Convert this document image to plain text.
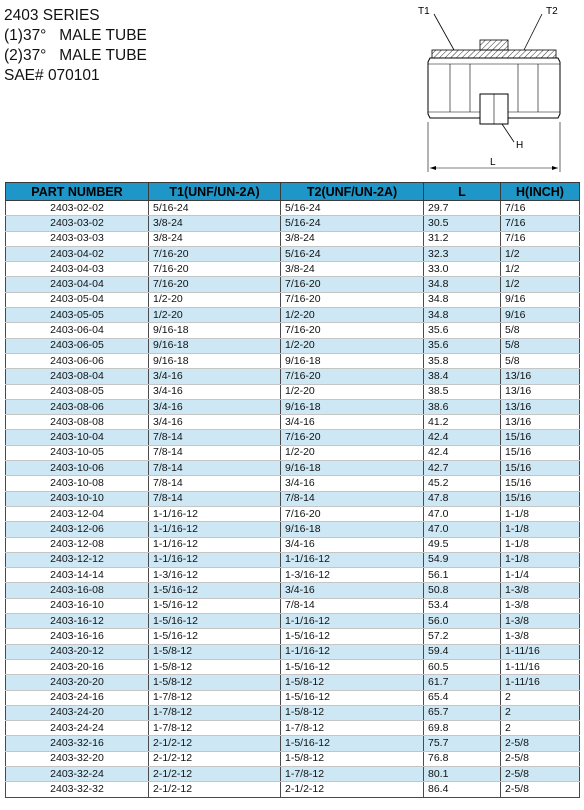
2403 SERIES
(1)37°   MALE TUBE
(2)37°   MALE TUBE
SAE# 070101
T1	T2
H
L
PART NUMBER	T1(UNF/UN-2A)	T2(UNF/UN-2A)	L	H(INCH)
2403-02-02	5/16-24	5/16-24	29.7	7/16
2403-03-02	3/8-24	5/16-24	30.5	7/16
2403-03-03	3/8-24	3/8-24	31.2	7/16
2403-04-02	7/16-20	5/16-24	32.3	1/2
2403-04-03	7/16-20	3/8-24	33.0	1/2
2403-04-04	7/16-20	7/16-20	34.8	1/2
2403-05-04	1/2-20	7/16-20	34.8	9/16
2403-05-05	1/2-20	1/2-20	34.8	9/16
2403-06-04	9/16-18	7/16-20	35.6	5/8
2403-06-05	9/16-18	1/2-20	35.6	5/8
2403-06-06	9/16-18	9/16-18	35.8	5/8
2403-08-04	3/4-16	7/16-20	38.4	13/16
2403-08-05	3/4-16	1/2-20	38.5	13/16
2403-08-06	3/4-16	9/16-18	38.6	13/16
2403-08-08	3/4-16	3/4-16	41.2	13/16
2403-10-04	7/8-14	7/16-20	42.4	15/16
2403-10-05	7/8-14	1/2-20	42.4	15/16
2403-10-06	7/8-14	9/16-18	42.7	15/16
2403-10-08	7/8-14	3/4-16	45.2	15/16
2403-10-10	7/8-14	7/8-14	47.8	15/16
2403-12-04	1-1/16-12	7/16-20	47.0	1-1/8
2403-12-06	1-1/16-12	9/16-18	47.0	1-1/8
2403-12-08	1-1/16-12	3/4-16	49.5	1-1/8
2403-12-12	1-1/16-12	1-1/16-12	54.9	1-1/8
2403-14-14	1-3/16-12	1-3/16-12	56.1	1-1/4
2403-16-08	1-5/16-12	3/4-16	50.8	1-3/8
2403-16-10	1-5/16-12	7/8-14	53.4	1-3/8
2403-16-12	1-5/16-12	1-1/16-12	56.0	1-3/8
2403-16-16	1-5/16-12	1-5/16-12	57.2	1-3/8
2403-20-12	1-5/8-12	1-1/16-12	59.4	1-11/16
2403-20-16	1-5/8-12	1-5/16-12	60.5	1-11/16
2403-20-20	1-5/8-12	1-5/8-12	61.7	1-11/16
2403-24-16	1-7/8-12	1-5/16-12	65.4	2
2403-24-20	1-7/8-12	1-5/8-12	65.7	2
2403-24-24	1-7/8-12	1-7/8-12	69.8	2
2403-32-16	2-1/2-12	1-5/16-12	75.7	2-5/8
2403-32-20	2-1/2-12	1-5/8-12	76.8	2-5/8
2403-32-24	2-1/2-12	1-7/8-12	80.1	2-5/8
2403-32-32	2-1/2-12	2-1/2-12	86.4	2-5/8
